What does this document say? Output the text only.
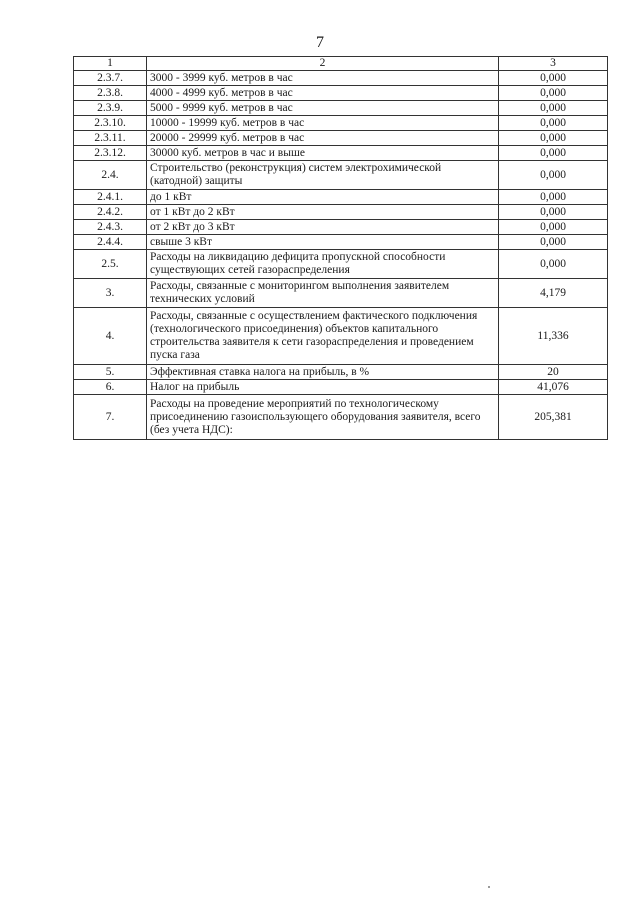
7
1	2	3
2.3.7.	3000 - 3999 куб. метров в час	0,000
2.3.8.	4000 - 4999 куб. метров в час	0,000
2.3.9.	5000 - 9999 куб. метров в час	0,000
2.3.10.	10000 - 19999 куб. метров в час	0,000
2.3.11.	20000 - 29999 куб. метров в час	0,000
2.3.12.	30000 куб. метров в час и выше	0,000
2.4.	Строительство (реконструкция) систем электрохимической (катодной) защиты	0,000
2.4.1.	до 1 кВт	0,000
2.4.2.	от 1 кВт до 2 кВт	0,000
2.4.3.	от 2 кВт до 3 кВт	0,000
2.4.4.	свыше 3 кВт	0,000
2.5.	Расходы на ликвидацию дефицита пропускной способности существующих сетей газораспределения	0,000
3.	Расходы, связанные с мониторингом выполнения заявителем технических условий	4,179
4.	Расходы, связанные с осуществлением фактического подключения (технологического присоединения) объектов капитального строительства заявителя к сети газораспределения и проведением пуска газа	11,336
5.	Эффективная ставка налога на прибыль, в %	20
6.	Налог на прибыль	41,076
7.	Расходы на проведение мероприятий по технологическому присоединению газоиспользующего оборудования заявителя, всего (без учета НДС):	205,381
